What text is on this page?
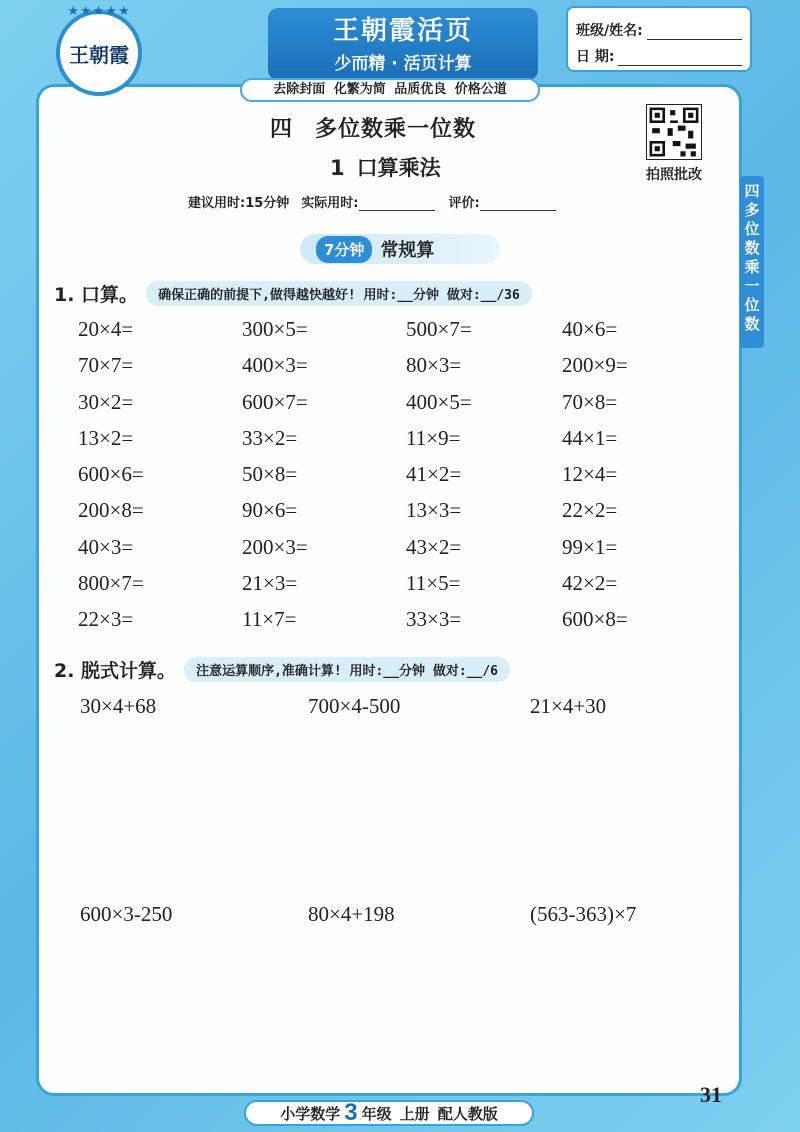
★★★★★
王朝霞
王朝霞活页
少而精 · 活页计算
去除封面 化繁为简 品质优良 价格公道
班级/姓名:
日 期:
四多位数乘一位数
拍照批改
四 多位数乘一位数
1 口算乘法
建议用时:15分钟 实际用时:	评价:
7分钟 常规算
1. 口算。	确保正确的前提下,做得越快越好! 用时:__分钟 做对:__/36
20×4=	300×5=	500×7=	40×6=
70×7=	400×3=	80×3=	200×9=
30×2=	600×7=	400×5=	70×8=
13×2=	33×2=	11×9=	44×1=
600×6=	50×8=	41×2=	12×4=
200×8=	90×6=	13×3=	22×2=
40×3=	200×3=	43×2=	99×1=
800×7=	21×3=	11×5=	42×2=
22×3=	11×7=	33×3=	600×8=
2. 脱式计算。	注意运算顺序,准确计算! 用时:__分钟 做对:__/6
30×4+68	700×4-500	21×4+30
600×3-250	80×4+198	(563-363)×7
31
小学数学 3 年级 上册 配人教版
